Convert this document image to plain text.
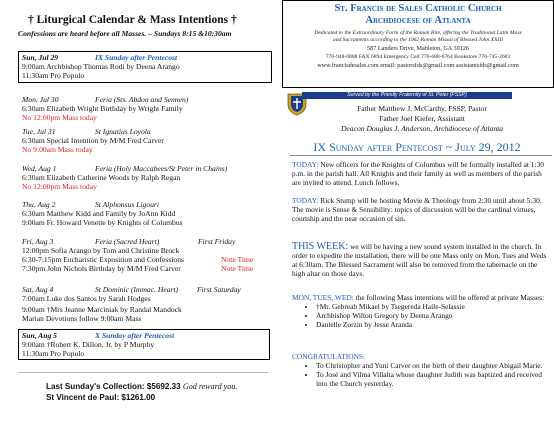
† Liturgical Calendar & Mass Intentions †
Confessions are heard before all Masses. – Sundays 8:15 &10:30am
Sun, Jul 29	IX Sunday after Pentecost
9:00am Archbishop Thomas Rodi by Deena Arango
11:30am Pro Populo
Mon, Jul 30	Feria (Sts. Abdon and Sennen)
6:30am Elizabeth Wright Birthday by Wright Family
No 12:00pm Mass today
Tue, Jul 31	St Ignatius Loyola
6:30am Special Intention by M/M Fred Carver
No 9:00am Mass today
Wed, Aug 1	Feria (Holy Maccabees/St Peter in Chains)
6:30am Elizabeth Catherine Woods by Ralph Regan
No 12:00pm Mass today
Thu, Aug 2	St Alphonsus Ligouri
6:30am Matthew Kidd and Family by JoAnn Kidd
9:00am Fr. Howard Venette by Knights of Columbus
Fri, Aug 3	Feria (Sacred Heart)	First Friday
12:00pm Sofia Arango by Tom and Christine Brock
6:30-7:15pm Eucharistic Exposition and Confessions	Note Time
7:30pm John Nichols Birthday by M/M Fred Carver	Note Time
Sat, Aug 4	St Dominic (Immac. Heart) First Saturday
7:00am Luke dos Santos by Sarah Hodges
9:00am †Mrs Jeanne Marciniak by Randal Mandock
Marian Devotions follow 9:00am Mass
Sun, Aug 5	X Sunday after Pentecost
9:00am †Robert K. Dillon, Jr. by P Murphy
11:30am Pro Populo
Last Sunday's Collection: $5692.33 God reward you.
St Vincent de Paul: $1261.00
St. Francis de Sales Catholic Church
Archdiocese of Atlanta
Dedicated to the Extraordinary Form of the Roman Rite, offering the Traditional Latin Mass
and Sacraments according to the 1962 Roman Missal of Blessed John XXIII
587 Landers Drive, Mableton, GA 30126
770-948-6888 FAX 6894 Emergency Cell 770-688-6764 Bookstore 770-745-2603
www.francisdesales.com email: pastorsfds@gmail.com assistantsfds@gmail.com
Served by the Priestly Fraternity of St. Peter (FSSP)
Father Matthew J. McCarthy, FSSP, Pastor
Father Joel Kiefer, Assistant
Deacon Douglas J. Anderson, Archdiocese of Atlanta
IX Sunday after Pentecost ~ July 29, 2012
TODAY: New officers for the Knights of Columbus will be formally installed at 1:30 p.m. in the parish hall. All Knights and their family as well as members of the parish are invited to attend. Lunch follows.
TODAY: Rick Stump will be hosting Movie & Theology from 2:30 until about 5:30. The movie is Sense & Sensibility: topics of discussion will be the cardinal virtues, courtship and the near occasion of sin.
THIS WEEK: we will be having a new sound system installed in the church. In order to expedite the installation, there will be one Mass only on Mon, Tues and Weds at 6:30am. The Blessed Sacrament will also be removed from the tabernacle on the high altar on those days.
MON, TUES, WED: the following Mass intentions will be offered at private Masses:
• †Mr. Gebreab Mikael by Tsegereda Haile-Selassie
• Archbishop Wilton Gregory by Deena Arango
• Danielle Zorzin by Jesse Aranda
CONGRATULATIONS:
• To Christopher and Yuni Carver on the birth of their daughter Abigail Marie.
• To José and Vilma Villalta whose daughter Judith was baptized and received into the Church yesterday.
